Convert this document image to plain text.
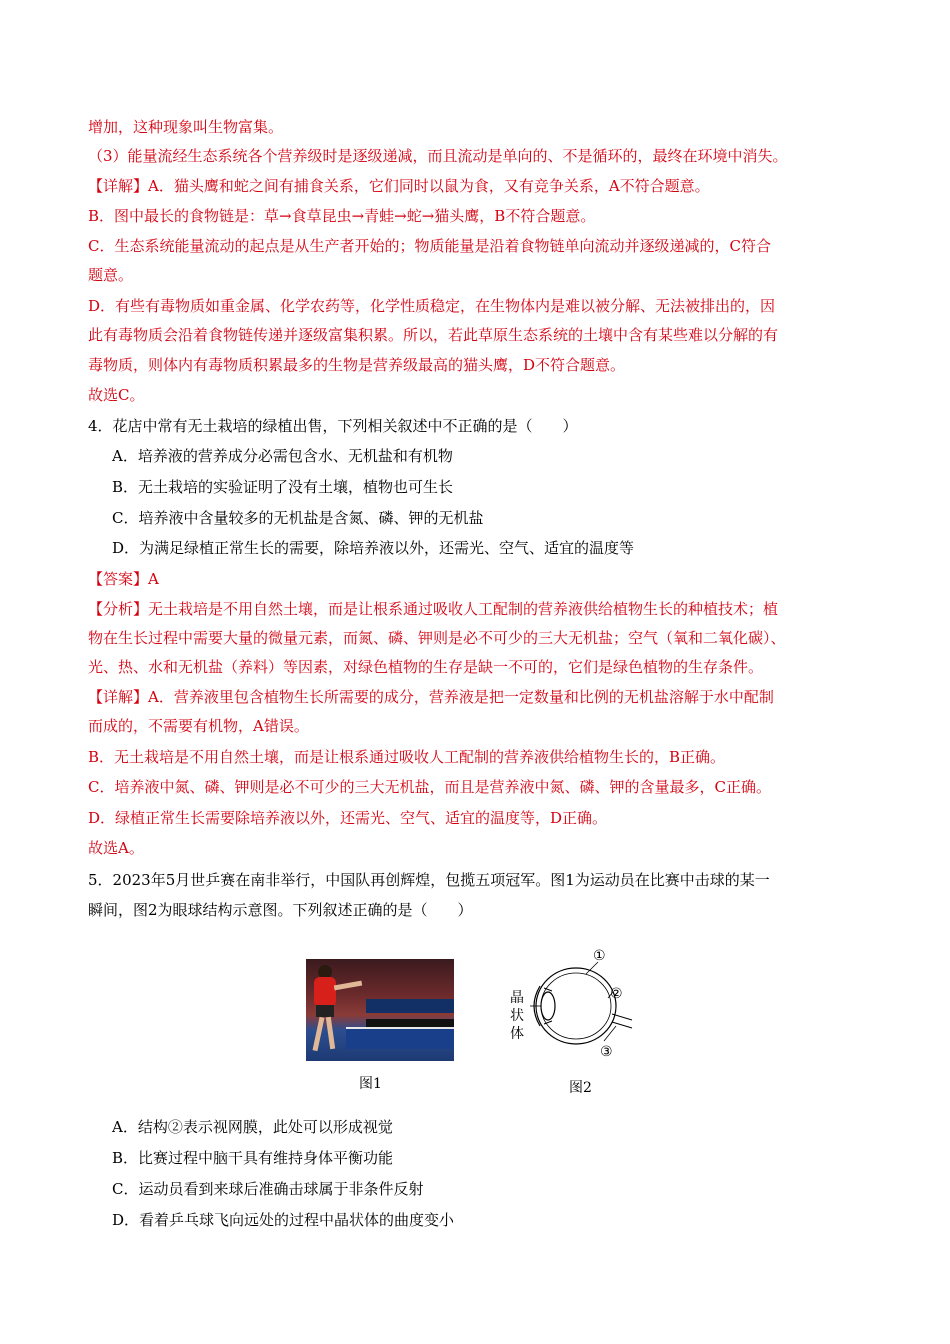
增加，这种现象叫生物富集。
（3）能量流经生态系统各个营养级时是逐级递减，而且流动是单向的、不是循环的，最终在环境中消失。
【详解】A．猫头鹰和蛇之间有捕食关系，它们同时以鼠为食，又有竞争关系，A不符合题意。
B．图中最长的食物链是：草→食草昆虫→青蛙→蛇→猫头鹰，B不符合题意。
C．生态系统能量流动的起点是从生产者开始的；物质能量是沿着食物链单向流动并逐级递减的，C符合
题意。
D．有些有毒物质如重金属、化学农药等，化学性质稳定，在生物体内是难以被分解、无法被排出的，因
此有毒物质会沿着食物链传递并逐级富集积累。所以，若此草原生态系统的土壤中含有某些难以分解的有
毒物质，则体内有毒物质积累最多的生物是营养级最高的猫头鹰，D不符合题意。
故选C。
4．花店中常有无土栽培的绿植出售，下列相关叙述中不正确的是（　　）
A．培养液的营养成分必需包含水、无机盐和有机物
B．无土栽培的实验证明了没有土壤，植物也可生长
C．培养液中含量较多的无机盐是含氮、磷、钾的无机盐
D．为满足绿植正常生长的需要，除培养液以外，还需光、空气、适宜的温度等
【答案】A
【分析】无土栽培是不用自然土壤，而是让根系通过吸收人工配制的营养液供给植物生长的种植技术；植
物在生长过程中需要大量的微量元素，而氮、磷、钾则是必不可少的三大无机盐；空气（氧和二氧化碳）、
光、热、水和无机盐（养料）等因素，对绿色植物的生存是缺一不可的，它们是绿色植物的生存条件。
【详解】A．营养液里包含植物生长所需要的成分，营养液是把一定数量和比例的无机盐溶解于水中配制
而成的，不需要有机物，A错误。
B．无土栽培是不用自然土壤，而是让根系通过吸收人工配制的营养液供给植物生长的，B正确。
C．培养液中氮、磷、钾则是必不可少的三大无机盐，而且是营养液中氮、磷、钾的含量最多，C正确。
D．绿植正常生长需要除培养液以外，还需光、空气、适宜的温度等，D正确。
故选A。
5．2023年5月世乒赛在南非举行，中国队再创辉煌，包揽五项冠军。图1为运动员在比赛中击球的某一
瞬间，图2为眼球结构示意图。下列叙述正确的是（　　）
图1
①
②
③
晶
状
体
图2
A．结构②表示视网膜，此处可以形成视觉
B．比赛过程中脑干具有维持身体平衡功能
C．运动员看到来球后准确击球属于非条件反射
D．看着乒乓球飞向远处的过程中晶状体的曲度变小
